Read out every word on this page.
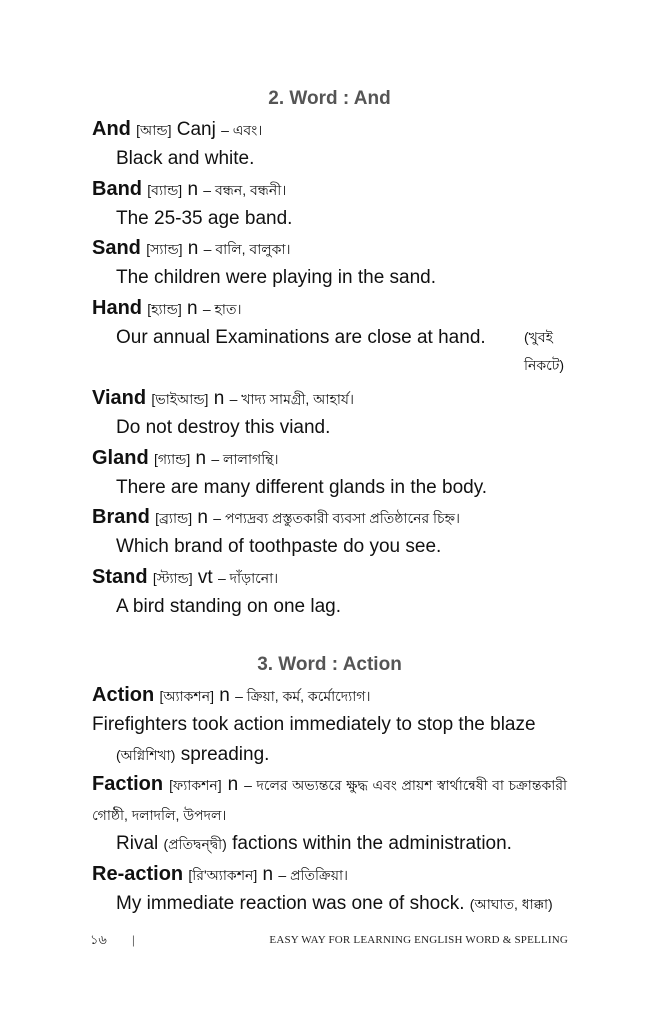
2. Word : And
And [আন্ড] Canj – এবং।
Black and white.
Band [ব্যান্ড] n – বন্ধন, বন্ধনী।
The 25-35 age band.
Sand [স্যান্ড] n – বালি, বালুকা।
The children were playing in the sand.
Hand [হ্যান্ড] n – হাত।
Our annual Examinations are close at hand.	(খুবই নিকটে)
Viand [ভাইআন্ড] n – খাদ্য সামগ্রী, আহার্য।
Do not destroy this viand.
Gland [গ্যান্ড] n – লালাগন্থি।
There are many different glands in the body.
Brand [ব্র্যান্ড] n – পণ্যদ্রব্য প্রস্তুতকারী ব্যবসা প্রতিষ্ঠানের চিহ্ন।
Which brand of toothpaste do you see.
Stand [স্ট্যান্ড] vt – দাঁড়ানো।
A bird standing on one lag.
3. Word : Action
Action [অ্যাকশন] n – ক্রিয়া, কর্ম, কর্মোদ্যোগ।
Firefighters took action immediately to stop the blaze
(অগ্নিশিখা) spreading.
Faction [ফ্যাকশন] n – দলের অভ্যন্তরে ক্ষুদ্ধ এবং প্রায়শ স্বার্থান্বেষী বা চক্রান্তকারী গোষ্ঠী, দলাদলি, উপদল।
Rival (প্রতিদ্বন্দ্বী) factions within the administration.
Re-action [রি'অ্যাকশন] n – প্রতিক্রিয়া।
My immediate reaction was one of shock. (আঘাত, ধাক্কা)
১৬ |	EASY WAY FOR LEARNING ENGLISH WORD & SPELLING
